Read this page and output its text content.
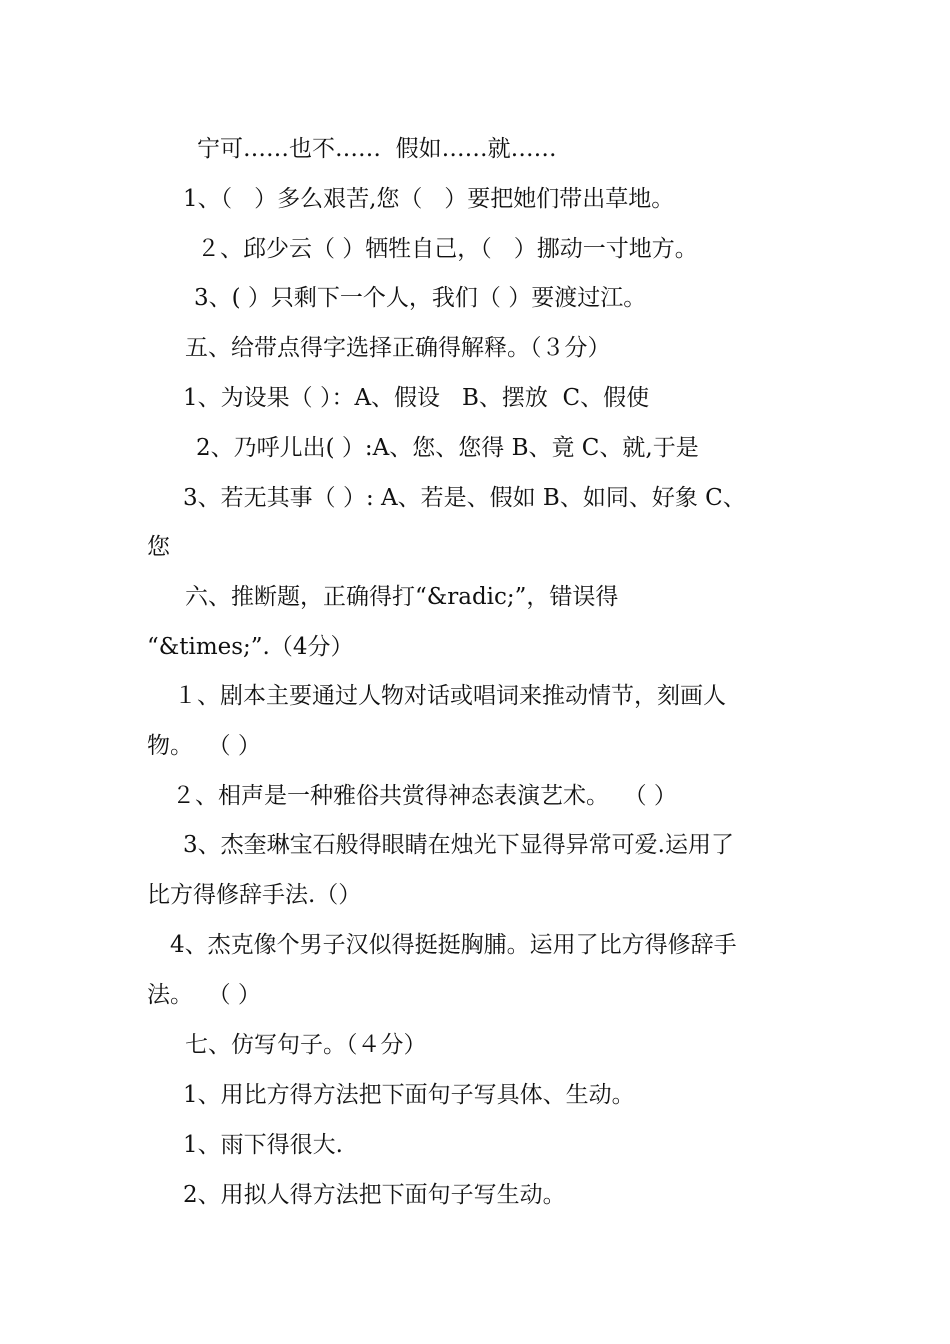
宁可……也不……  假如……就……
1、（   ）多么艰苦,您（   ）要把她们带出草地。
２、邱少云（ ）牺牲自己，（   ）挪动一寸地方。
3、( ）只剩下一个人，我们（ ）要渡过江。
五、给带点得字选择正确得解释。（３分）
1、为设果（ ）：A、假设   B、摆放  C、假使
2、乃呼儿出( ）:A、您、您得 B、竟 C、就,于是
3、若无其事（ ）: A、若是、假如 B、如同、好象 C、
您
六、推断题，正确得打“&radic;”，错误得
“&times;”.（4分）
１、剧本主要通过人物对话或唱词来推动情节，刻画人
物。  （ ）
２、相声是一种雅俗共赏得神态表演艺术。  （ ）
3、杰奎琳宝石般得眼睛在烛光下显得异常可爱.运用了
比方得修辞手法.（）
4、杰克像个男子汉似得挺挺胸脯。运用了比方得修辞手
法。  （ ）
七、仿写句子。（４分）
1、用比方得方法把下面句子写具体、生动。
1、雨下得很大.
2、用拟人得方法把下面句子写生动。
